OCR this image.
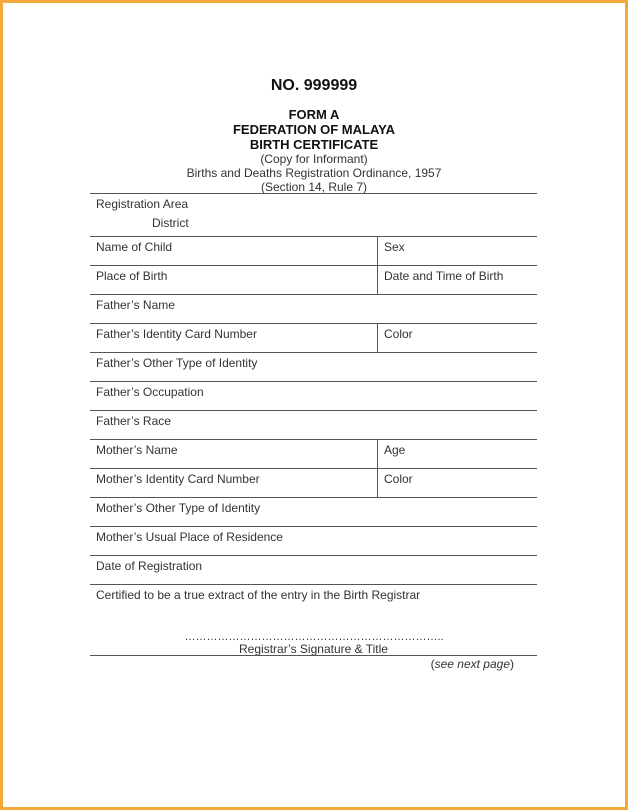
NO. 999999
FORM A
FEDERATION OF MALAYA
BIRTH CERTIFICATE
(Copy for Informant)
Births and Deaths Registration Ordinance, 1957
(Section 14, Rule 7)
Registration Area
District
Name of Child	Sex
Place of Birth	Date and Time of Birth
Father’s Name
Father’s Identity Card Number	Color
Father’s Other Type of Identity
Father’s Occupation
Father’s Race
Mother’s Name	Age
Mother’s Identity Card Number	Color
Mother’s Other Type of Identity
Mother’s Usual Place of Residence
Date of Registration
Certified to be a true extract of the entry in the Birth Registrar
……………………………………………………………..
Registrar’s Signature & Title
(see next page)
